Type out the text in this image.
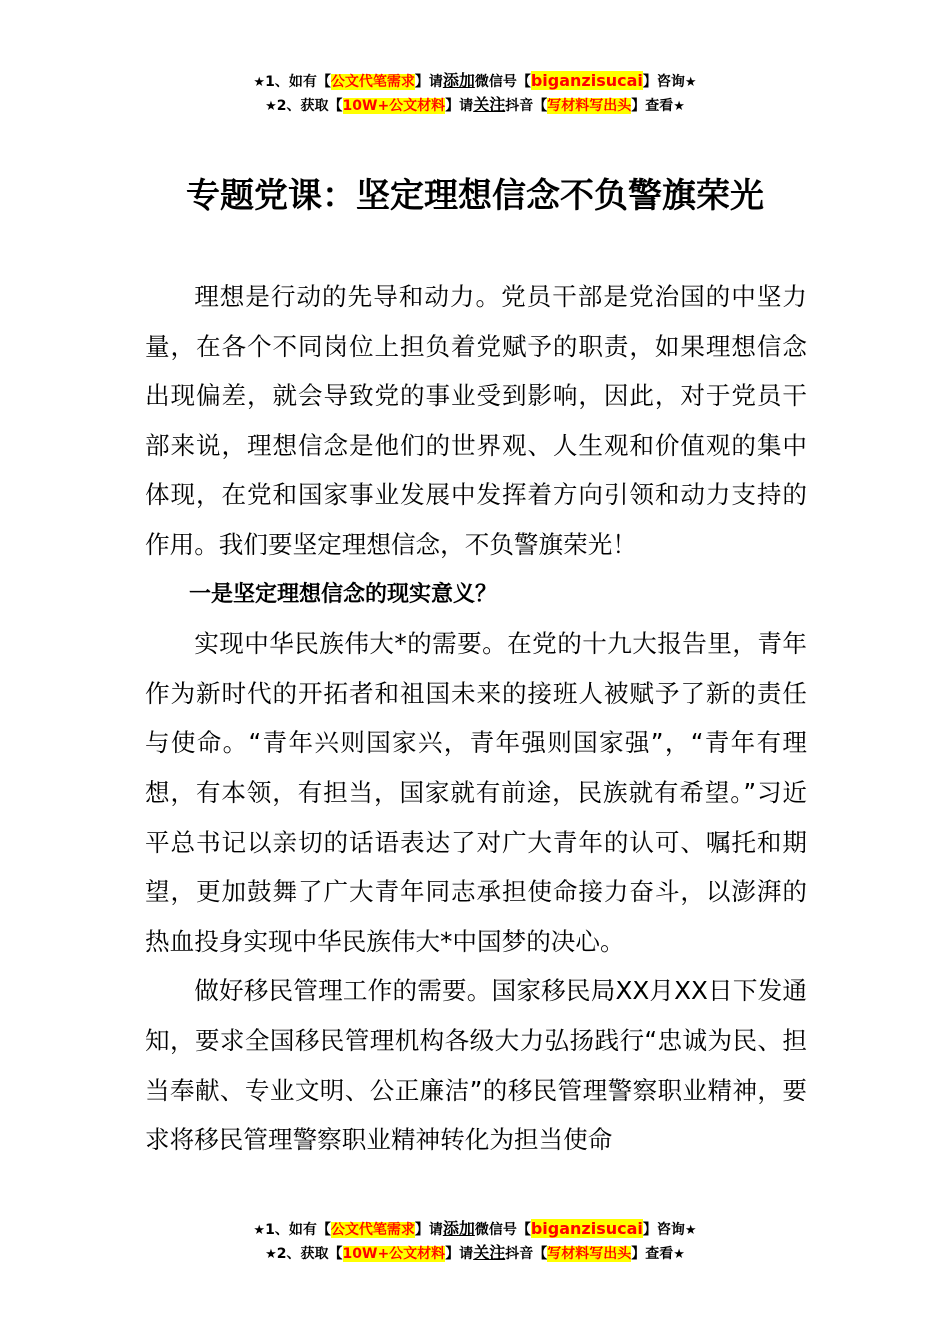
★1、如有【公文代笔需求】请添加微信号【biganzisucai】咨询★
★2、获取【10W+公文材料】请关注抖音【写材料写出头】查看★
专题党课：坚定理想信念不负警旗荣光

理想是行动的先导和动力。党员干部是党治国的中坚力量，在各个不同岗位上担负着党赋予的职责，如果理想信念出现偏差，就会导致党的事业受到影响，因此，对于党员干部来说，理想信念是他们的世界观、人生观和价值观的集中体现，在党和国家事业发展中发挥着方向引领和动力支持的作用。我们要坚定理想信念，不负警旗荣光！

一是坚定理想信念的现实意义？

实现中华民族伟大*的需要。在党的十九大报告里，青年作为新时代的开拓者和祖国未来的接班人被赋予了新的责任与使命。“青年兴则国家兴，青年强则国家强”，“青年有理想，有本领，有担当，国家就有前途，民族就有希望。”习近平总书记以亲切的话语表达了对广大青年的认可、嘱托和期望，更加鼓舞了广大青年同志承担使命接力奋斗，以澎湃的热血投身实现中华民族伟大*中国梦的决心。

做好移民管理工作的需要。国家移民局XX月XX日下发通知，要求全国移民管理机构各级大力弘扬践行“忠诚为民、担当奉献、专业文明、公正廉洁”的移民管理警察职业精神，要求将移民管理警察职业精神转化为担当使命

★1、如有【公文代笔需求】请添加微信号【biganzisucai】咨询★
★2、获取【10W+公文材料】请关注抖音【写材料写出头】查看★
